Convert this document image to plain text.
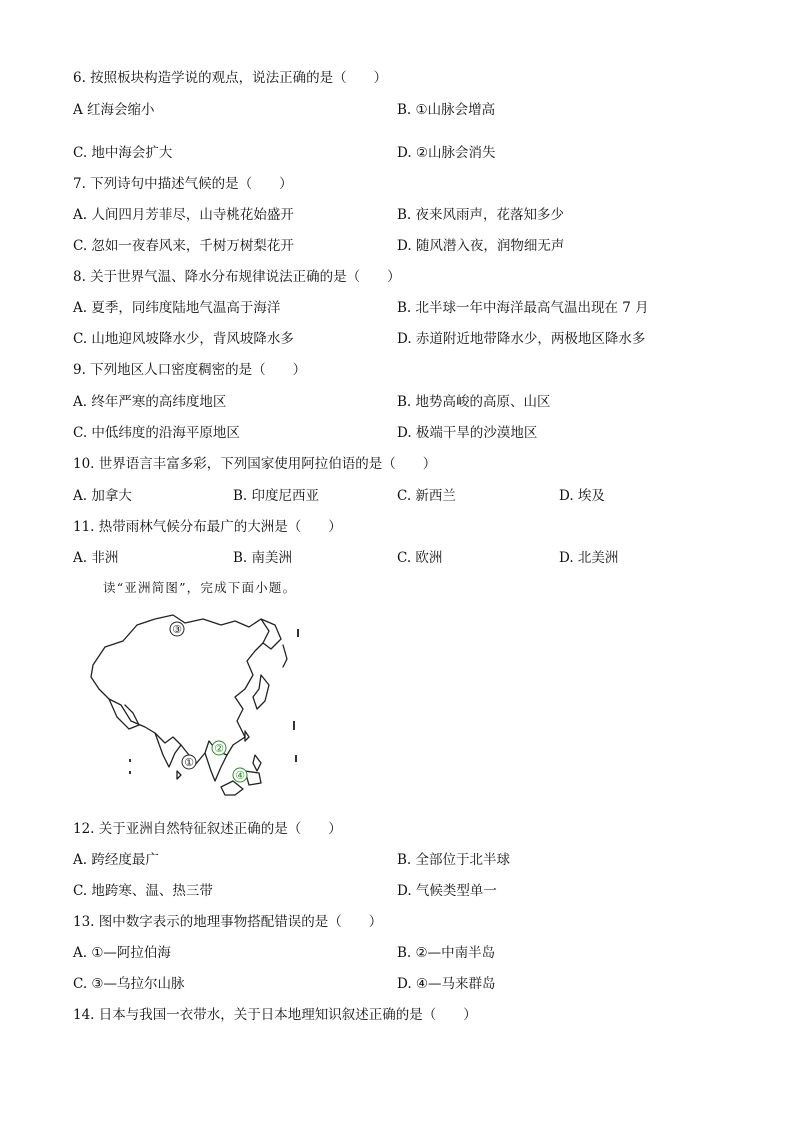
6. 按照板块构造学说的观点，说法正确的是（　　）
A 红海会缩小	B. ①山脉会增高
C. 地中海会扩大	D. ②山脉会消失
7. 下列诗句中描述气候的是（　　）
A. 人间四月芳菲尽，山寺桃花始盛开	B. 夜来风雨声，花落知多少
C. 忽如一夜春风来，千树万树梨花开	D. 随风潜入夜，润物细无声
8. 关于世界气温、降水分布规律说法正确的是（　　）
A. 夏季，同纬度陆地气温高于海洋	B. 北半球一年中海洋最高气温出现在 7 月
C. 山地迎风坡降水少，背风坡降水多	D. 赤道附近地带降水少，两极地区降水多
9. 下列地区人口密度稠密的是（　　）
A. 终年严寒的高纬度地区	B. 地势高峻的高原、山区
C. 中低纬度的沿海平原地区	D. 极端干旱的沙漠地区
10. 世界语言丰富多彩，下列国家使用阿拉伯语的是（　　）
A. 加拿大	B. 印度尼西亚	C. 新西兰	D. 埃及
11. 热带雨林气候分布最广的大洲是（　　）
A. 非洲	B. 南美洲	C. 欧洲	D. 北美洲
读“亚洲简图”，完成下面小题。
③
①
②
④
12. 关于亚洲自然特征叙述正确的是（　　）
A. 跨经度最广	B. 全部位于北半球
C. 地跨寒、温、热三带	D. 气候类型单一
13. 图中数字表示的地理事物搭配错误的是（　　）
A. ①—阿拉伯海	B. ②—中南半岛
C. ③—乌拉尔山脉	D. ④—马来群岛
14. 日本与我国一衣带水，关于日本地理知识叙述正确的是（　　）
